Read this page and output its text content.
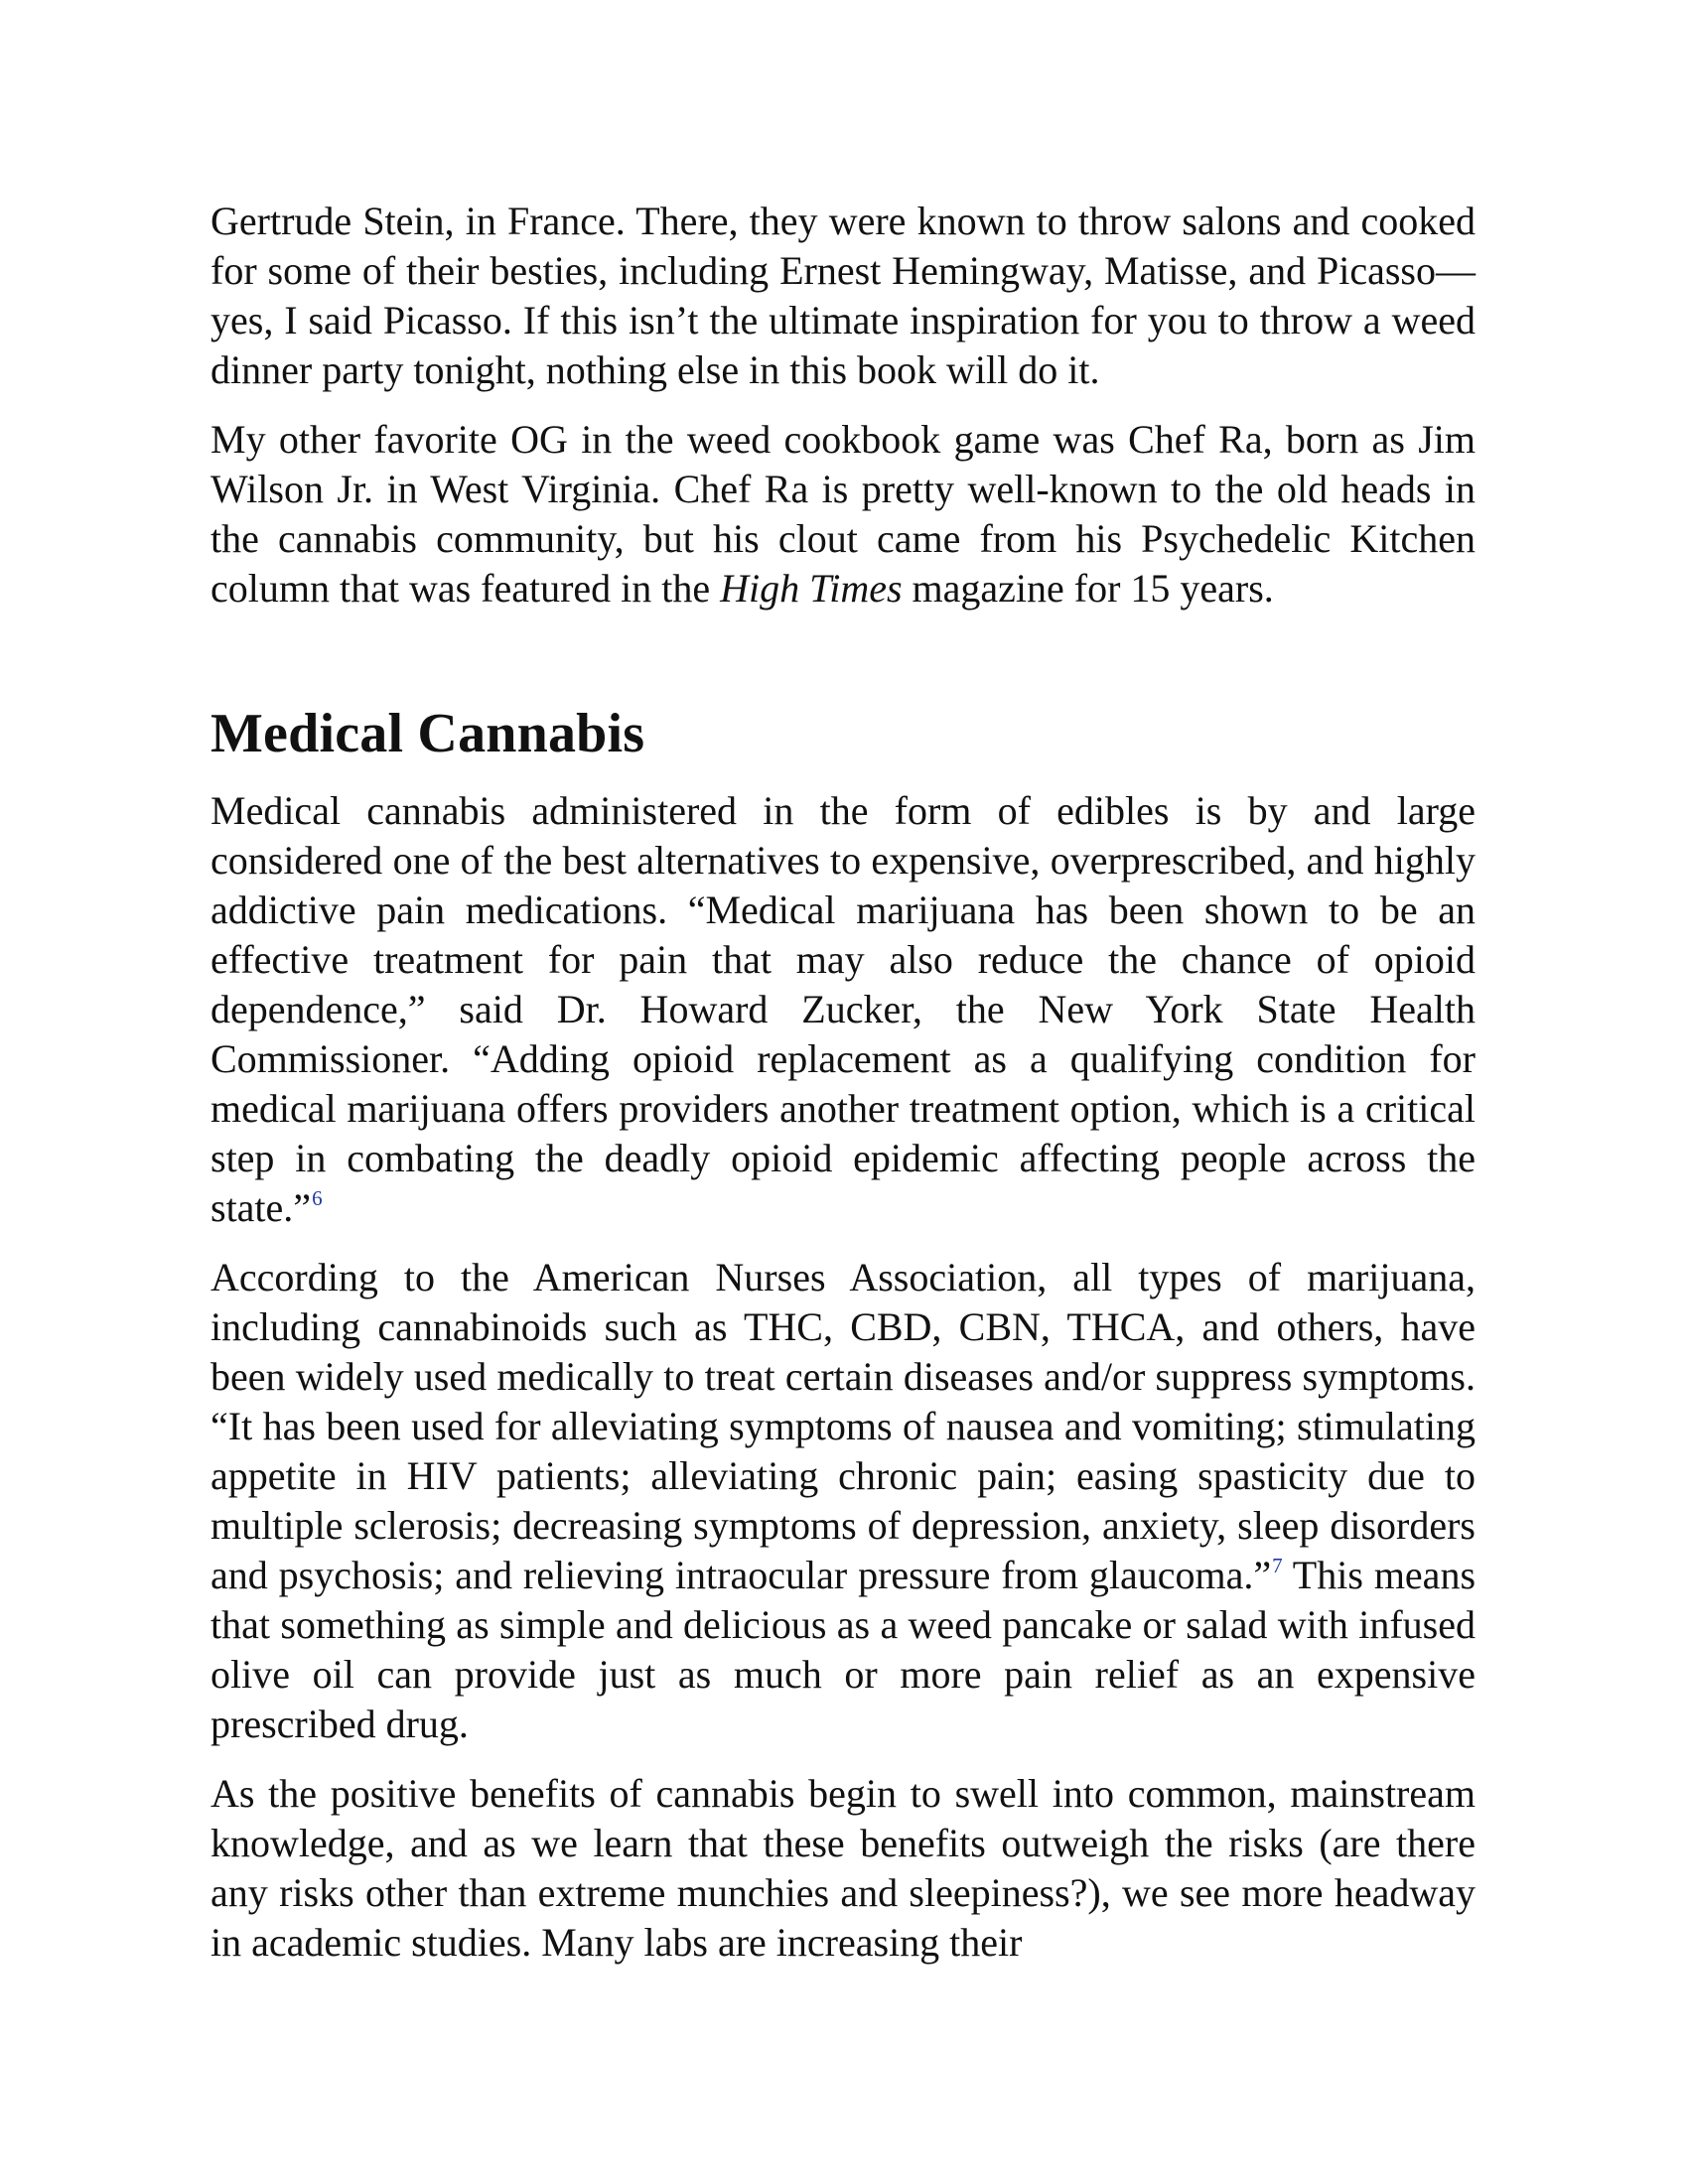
Gertrude Stein, in France. There, they were known to throw salons and cooked for some of their besties, including Ernest Hemingway, Matisse, and Picasso—yes, I said Picasso. If this isn’t the ultimate inspiration for you to throw a weed dinner party tonight, nothing else in this book will do it.

My other favorite OG in the weed cookbook game was Chef Ra, born as Jim Wilson Jr. in West Virginia. Chef Ra is pretty well-known to the old heads in the cannabis community, but his clout came from his Psychedelic Kitchen column that was featured in the High Times magazine for 15 years.

Medical Cannabis

Medical cannabis administered in the form of edibles is by and large considered one of the best alternatives to expensive, overprescribed, and highly addictive pain medications. “Medical marijuana has been shown to be an effective treatment for pain that may also reduce the chance of opioid dependence,” said Dr. Howard Zucker, the New York State Health Commissioner. “Adding opioid replacement as a qualifying condition for medical marijuana offers providers another treatment option, which is a critical step in combating the deadly opioid epidemic affecting people across the state.”$^6$

According to the American Nurses Association, all types of marijuana, including cannabinoids such as THC, CBD, CBN, THCA, and others, have been widely used medically to treat certain diseases and/or suppress symptoms. “It has been used for alleviating symptoms of nausea and vomiting; stimulating appetite in HIV patients; alleviating chronic pain; easing spasticity due to multiple sclerosis; decreasing symptoms of depression, anxiety, sleep disorders and psychosis; and relieving intraocular pressure from glaucoma.”$^7$ This means that something as simple and delicious as a weed pancake or salad with infused olive oil can provide just as much or more pain relief as an expensive prescribed drug.

As the positive benefits of cannabis begin to swell into common, mainstream knowledge, and as we learn that these benefits outweigh the risks (are there any risks other than extreme munchies and sleepiness?), we see more headway in academic studies. Many labs are increasing their
